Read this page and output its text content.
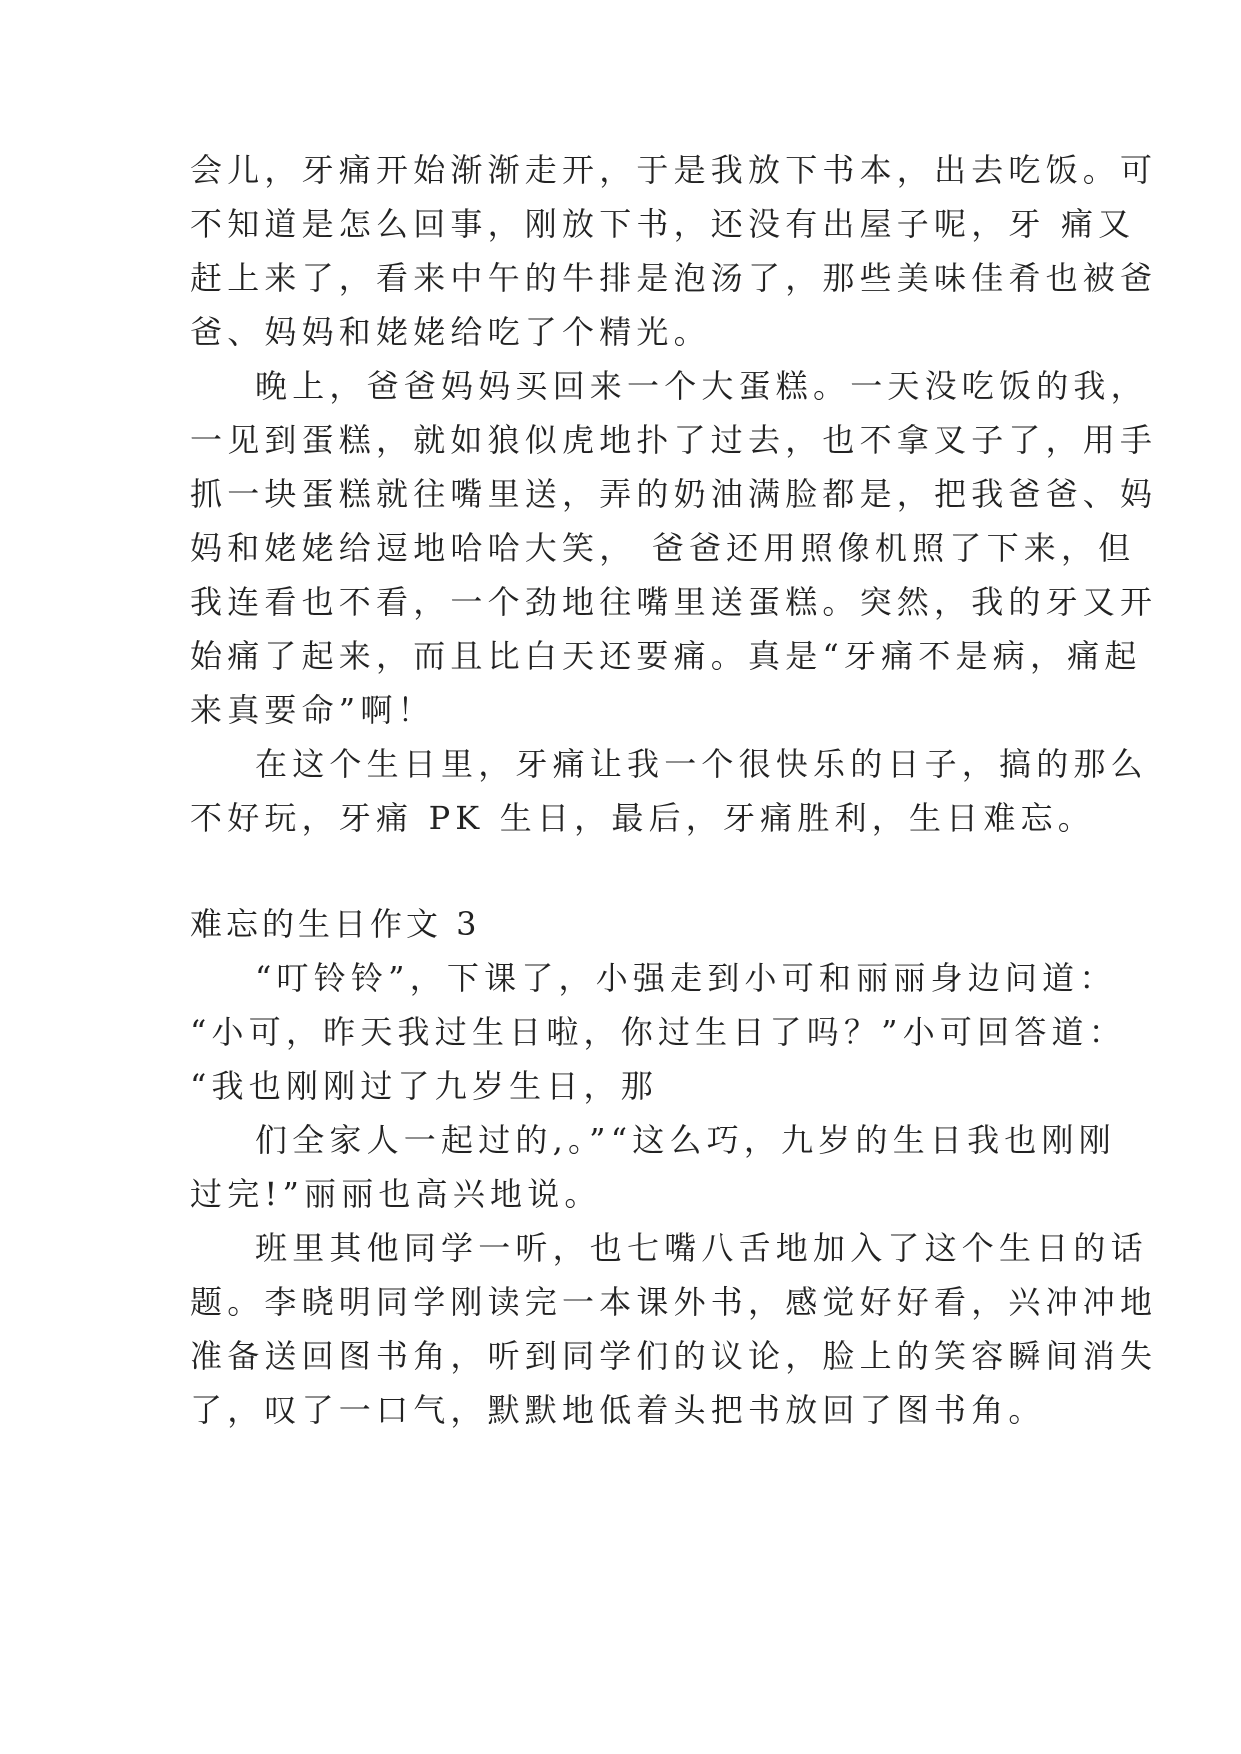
会儿，牙痛开始渐渐走开，于是我放下书本，出去吃饭。可
不知道是怎么回事，刚放下书，还没有出屋子呢，牙 痛又
赶上来了，看来中午的牛排是泡汤了，那些美味佳肴也被爸
爸、妈妈和姥姥给吃了个精光。
晚上，爸爸妈妈买回来一个大蛋糕。一天没吃饭的我，
一见到蛋糕，就如狼似虎地扑了过去，也不拿叉子了，用手
抓一块蛋糕就往嘴里送，弄的奶油满脸都是，把我爸爸、妈
妈和姥姥给逗地哈哈大笑， 爸爸还用照像机照了下来，但
我连看也不看，一个劲地往嘴里送蛋糕。突然，我的牙又开
始痛了起来，而且比白天还要痛。真是“牙痛不是病，痛起
来真要命”啊！
在这个生日里，牙痛让我一个很快乐的日子，搞的那么
不好玩，牙痛 PK 生日，最后，牙痛胜利，生日难忘。
难忘的生日作文 3
“叮铃铃”，下课了，小强走到小可和丽丽身边问道：
“小可，昨天我过生日啦，你过生日了吗？”小可回答道：
“我也刚刚过了九岁生日，那
们全家人一起过的,。”“这么巧，九岁的生日我也刚刚
过完!”丽丽也高兴地说。
班里其他同学一听，也七嘴八舌地加入了这个生日的话
题。李晓明同学刚读完一本课外书，感觉好好看，兴冲冲地
准备送回图书角，听到同学们的议论，脸上的笑容瞬间消失
了，叹了一口气，默默地低着头把书放回了图书角。
